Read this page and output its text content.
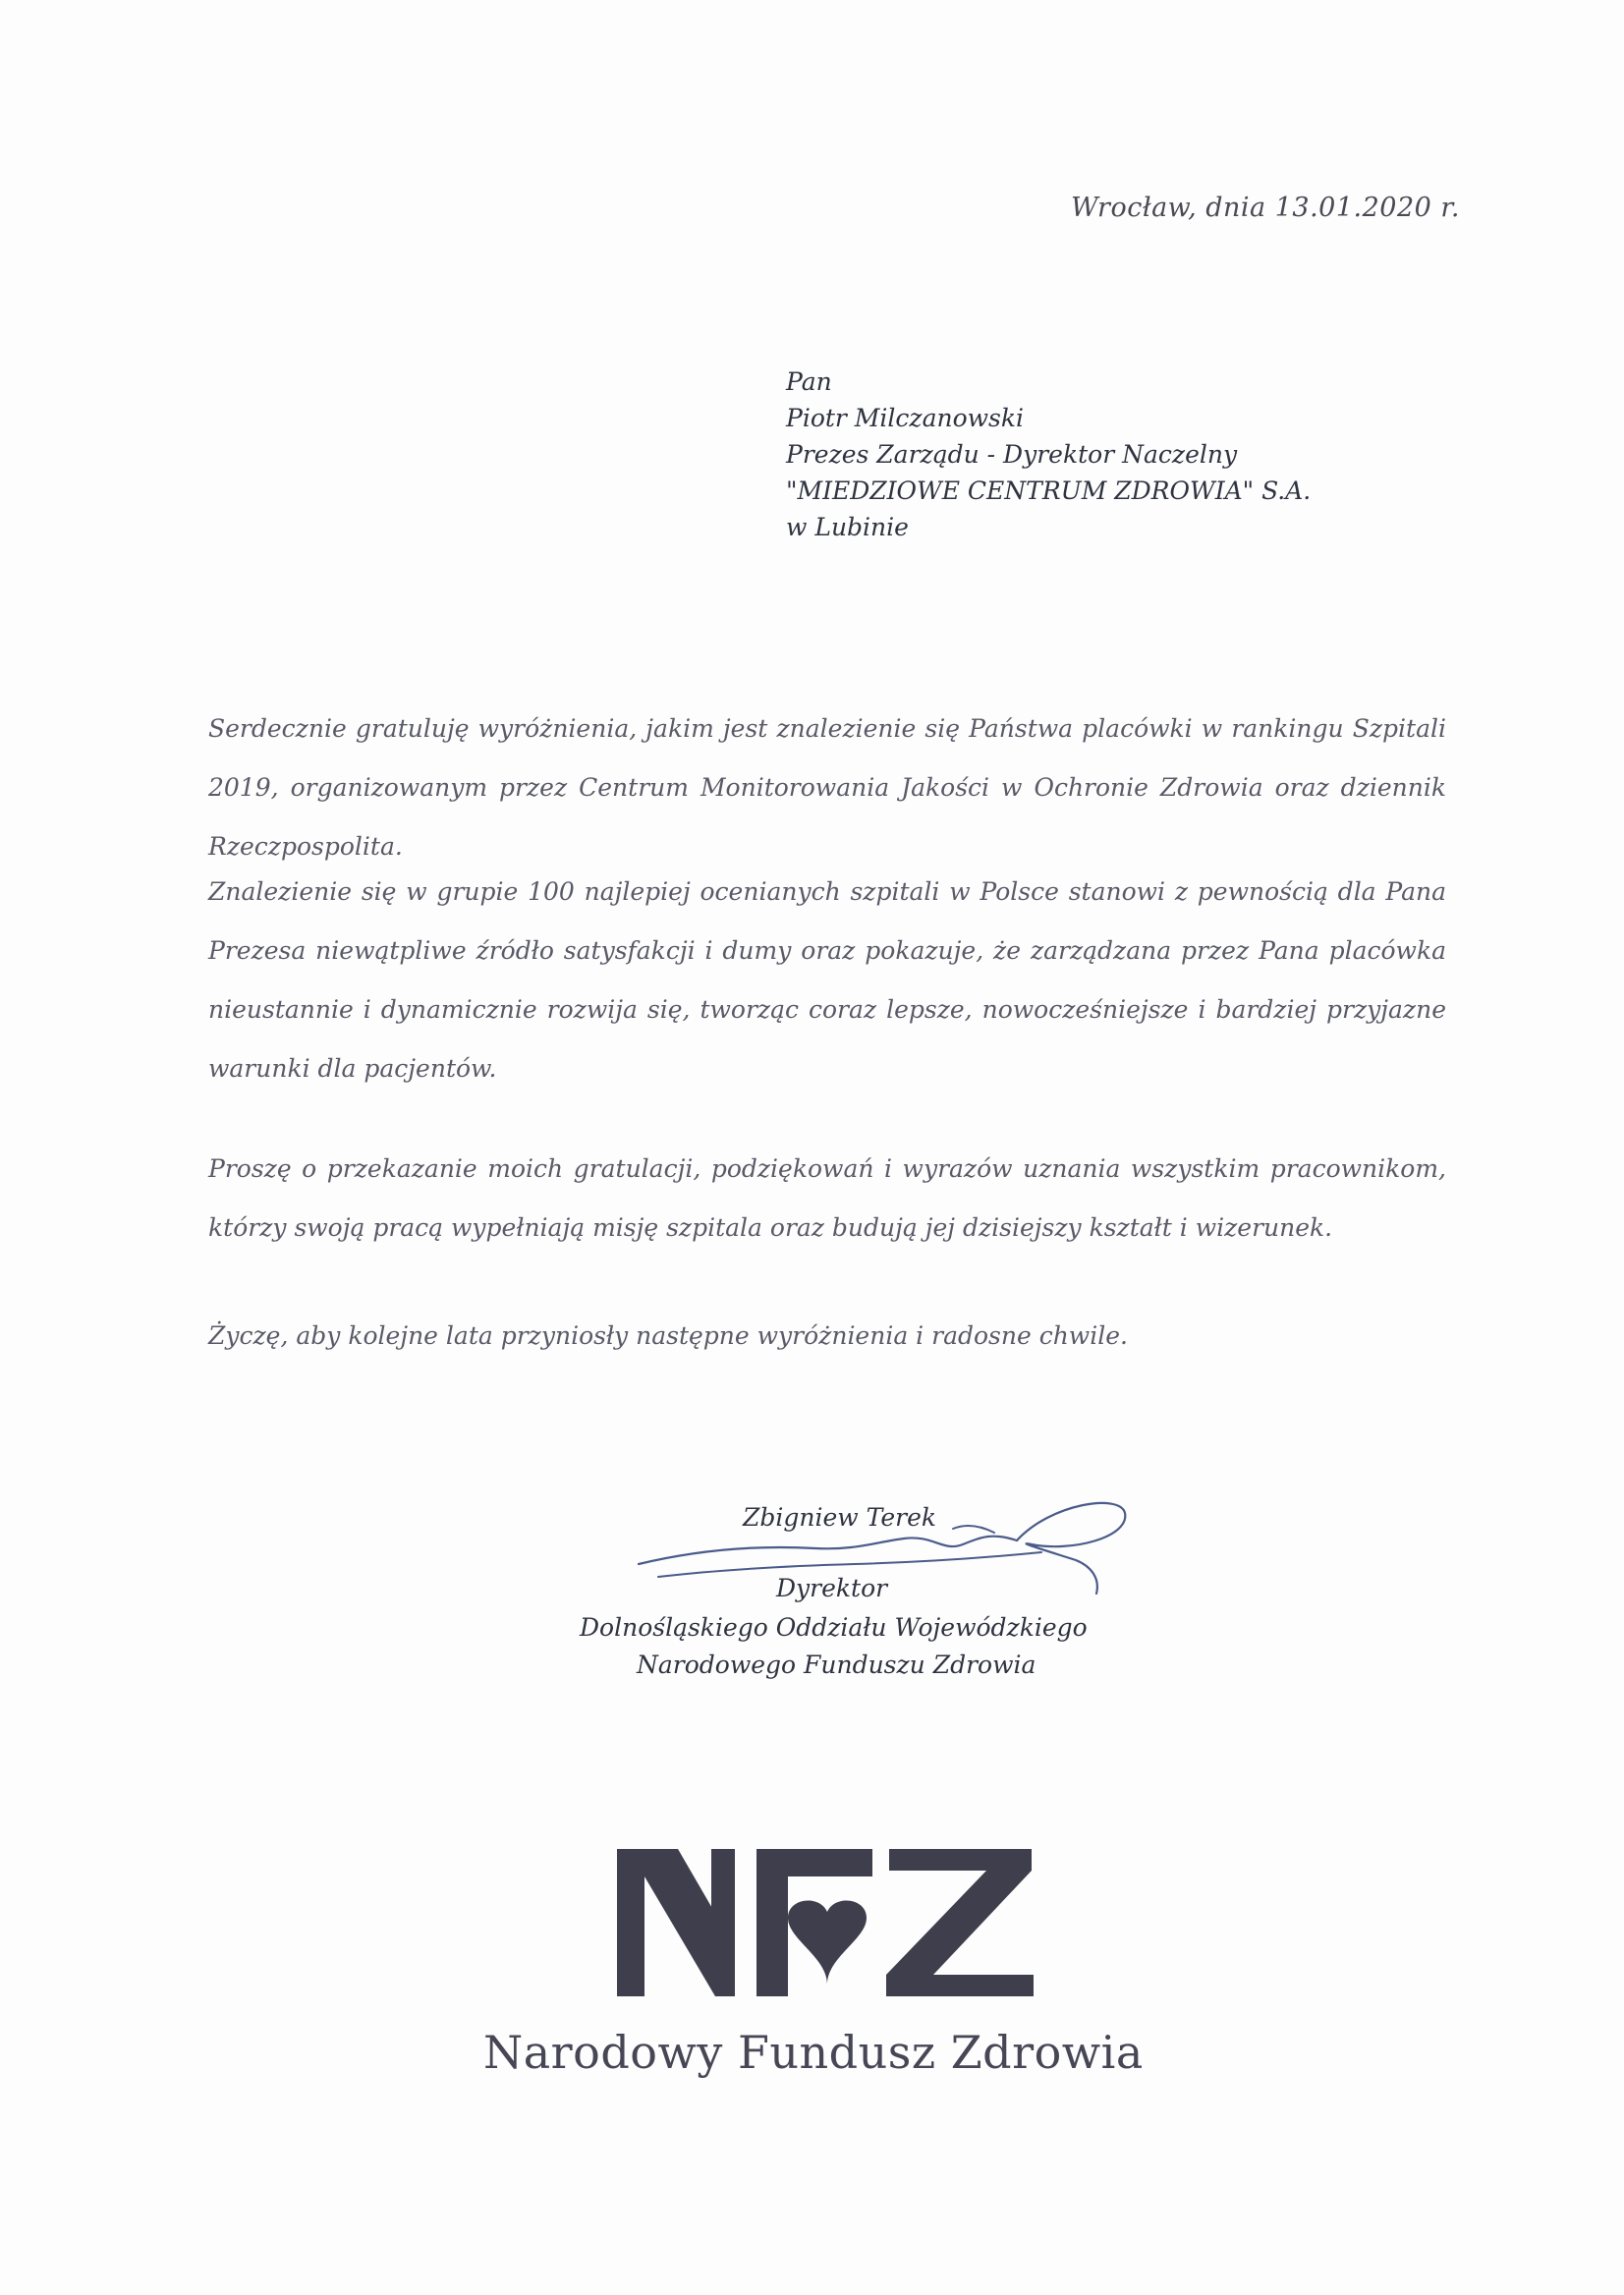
Wrocław, dnia 13.01.2020 r.
Pan
Piotr Milczanowski
Prezes Zarządu - Dyrektor Naczelny
"MIEDZIOWE CENTRUM ZDROWIA" S.A.
w Lubinie
Serdecznie gratuluję wyróżnienia, jakim jest znalezienie się Państwa placówki w rankingu Szpitali 2019, organizowanym przez Centrum Monitorowania Jakości w Ochronie Zdrowia oraz dziennik Rzeczpospolita.
Znalezienie się w grupie 100 najlepiej ocenianych szpitali w Polsce stanowi z pewnością dla Pana Prezesa niewątpliwe źródło satysfakcji i dumy oraz pokazuje, że zarządzana przez Pana placówka nieustannie i dynamicznie rozwija się, tworząc coraz lepsze, nowocześniejsze i bardziej przyjazne warunki dla pacjentów.
Proszę o przekazanie moich gratulacji, podziękowań i wyrazów uznania wszystkim pracownikom, którzy swoją pracą wypełniają misję szpitala oraz budują jej dzisiejszy kształt i wizerunek.
Życzę, aby kolejne lata przyniosły następne wyróżnienia i radosne chwile.
Zbigniew Terek
Dyrektor
Dolnośląskiego Oddziału Wojewódzkiego
Narodowego Funduszu Zdrowia
Narodowy Fundusz Zdrowia
